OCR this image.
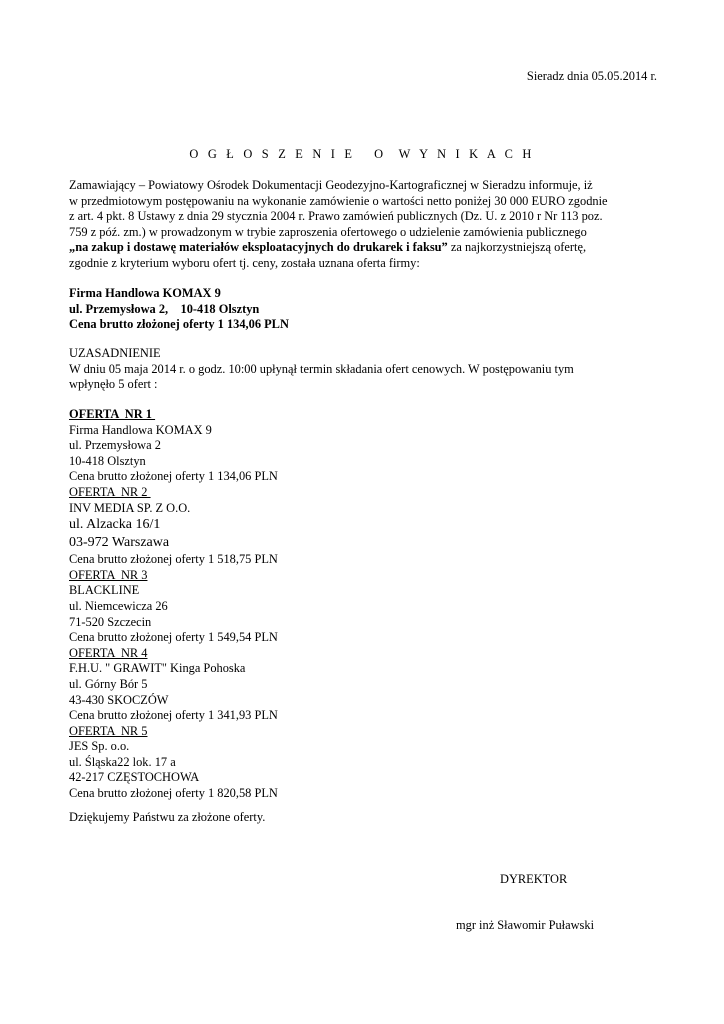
Sieradz dnia 05.05.2014 r.
O G Ł O S Z E N I E   O  W Y N I K A C H
Zamawiający – Powiatowy Ośrodek Dokumentacji Geodezyjno-Kartograficznej w Sieradzu informuje, iż
w przedmiotowym postępowaniu na wykonanie zamówienie o wartości netto poniżej 30 000 EURO zgodnie
z art. 4 pkt. 8 Ustawy z dnia 29 stycznia 2004 r. Prawo zamówień publicznych (Dz. U. z 2010 r Nr 113 poz.
759 z póź. zm.) w prowadzonym w trybie zaproszenia ofertowego o udzielenie zamówienia publicznego
„na zakup i dostawę materiałów eksploatacyjnych do drukarek i faksu” za najkorzystniejszą ofertę,
zgodnie z kryterium wyboru ofert tj. ceny, została uznana oferta firmy:
Firma Handlowa KOMAX 9
ul. Przemysłowa 2,    10-418 Olsztyn
Cena brutto złożonej oferty 1 134,06 PLN
UZASADNIENIE
W dniu 05 maja 2014 r. o godz. 10:00 upłynął termin składania ofert cenowych. W postępowaniu tym
wpłynęło 5 ofert :
OFERTA  NR 1
Firma Handlowa KOMAX 9
ul. Przemysłowa 2
10-418 Olsztyn
Cena brutto złożonej oferty 1 134,06 PLN
OFERTA  NR 2
INV MEDIA SP. Z O.O.
ul. Alzacka 16/1
03-972 Warszawa
Cena brutto złożonej oferty 1 518,75 PLN
OFERTA  NR 3
BLACKLINE
ul. Niemcewicza 26
71-520 Szczecin
Cena brutto złożonej oferty 1 549,54 PLN
OFERTA  NR 4
F.H.U. " GRAWIT" Kinga Pohoska
ul. Górny Bór 5
43-430 SKOCZÓW
Cena brutto złożonej oferty 1 341,93 PLN
OFERTA  NR 5
JES Sp. o.o.
ul. Śląska22 lok. 17 a
42-217 CZĘSTOCHOWA
Cena brutto złożonej oferty 1 820,58 PLN
Dziękujemy Państwu za złożone oferty.
DYREKTOR
mgr inż Sławomir Puławski
